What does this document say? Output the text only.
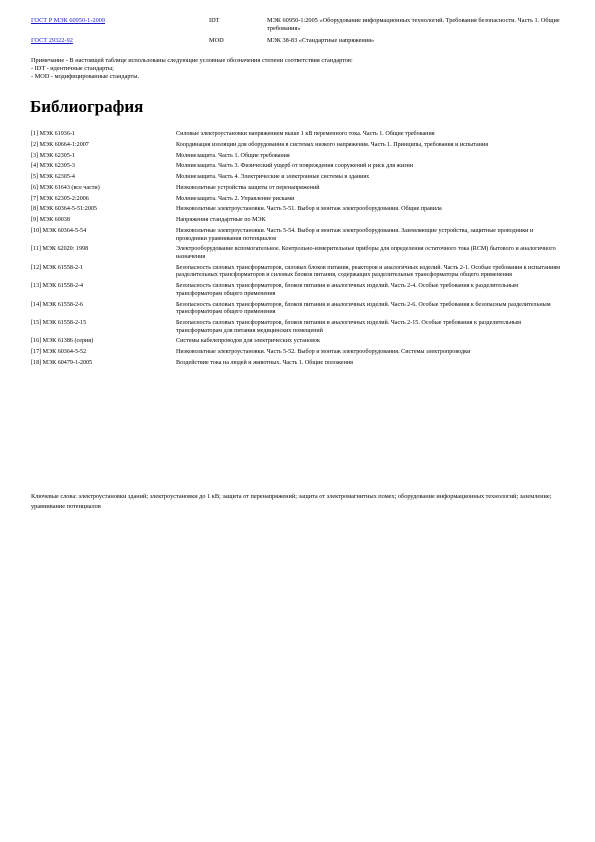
ГОСТ Р МЭК 60950-1-2009	IDT	МЭК 60950-1:2005 «Оборудование информационных технологий. Требования безопасности. Часть 1. Общие требования»
ГОСТ 29322-92	MOD	МЭК 38-83 «Стандартные напряжения»
Примечание - В настоящей таблице использованы следующие условные обозначения степени соответствия стандартов:
- IDT - идентичные стандарты;
- MOD - модифицированные стандарты.
Библиография
[1] МЭК 61936-1	Силовые электроустановки напряжением выше 1 кВ переменного тока. Часть 1. Общие требования
[2] МЭК 60664-1:2007	Координация изоляции для оборудования в системах низкого напряжения. Часть 1. Принципы, требования и испытания
[3] МЭК 62305-1	Молниезащита. Часть 1. Общие требования
[4] МЭК 62305-3	Молниезащита. Часть 3. Физический ущерб от повреждения сооружений и риск для жизни
[5] МЭК 62305-4	Молниезащита. Часть 4. Электрические и электронные системы в зданиях
[6] МЭК 61643 (все части)	Низковольтные устройства защиты от перенапряжений
[7] МЭК 62305-2:2006	Молниезащита. Часть 2. Управление рисками
[8] МЭК 60364-5-51:2005	Низковольтные электроустановки. Часть 5-51. Выбор и монтаж электрооборудования. Общие правила
[9] МЭК 60038	Напряжения стандартные по МЭК
[10] МЭК 60364-5-54	Низковольтные электроустановки. Часть 5-54. Выбор и монтаж электрооборудования. Заземляющие устройства, защитные проводники и проводники уравнивания потенциалов
[11] МЭК 62020: 1998	Электрооборудование вспомогательное. Контрольно-измерительные приборы для определения остаточного тока (RCM) бытового и аналогичного назначения
[12] МЭК 61558-2-1	Безопасность силовых трансформаторов, силовых блоков питания, реакторов и аналогичных изделий. Часть 2-1. Особые требования к испытаниям разделительных трансформаторов и силовых блоков питания, содержащих разделительные трансформаторы общего применения
[13] МЭК 61558-2-4	Безопасность силовых трансформаторов, блоков питания и аналогичных изделий. Часть 2-4. Особые требования к разделительным трансформаторам общего применения
[14] МЭК 61558-2-6	Безопасность силовых трансформаторов, блоков питания и аналогичных изделий. Часть 2-6. Особые требования к безопасным разделительным трансформаторам общего применения
[15] МЭК 61558-2-15	Безопасность силовых трансформаторов, блоков питания и аналогичных изделий. Часть 2-15. Особые требования к разделительным трансформаторам для питания медицинских помещений
[16] МЭК 61386 (серия)	Системы кабелепроводов для электрических установок
[17] МЭК 60364-5-52	Низковольтные электроустановки. Часть 5-52. Выбор и монтаж электрооборудования. Системы электропроводки
[18] МЭК 60479-1-2005	Воздействие тока на людей и животных. Часть 1. Общие положения
Ключевые слова: электроустановки зданий; электроустановки до 1 кВ; защита от перенапряжений; защита от электромагнитных помех; оборудование информационных технологий; заземление; уравнивание потенциалов
